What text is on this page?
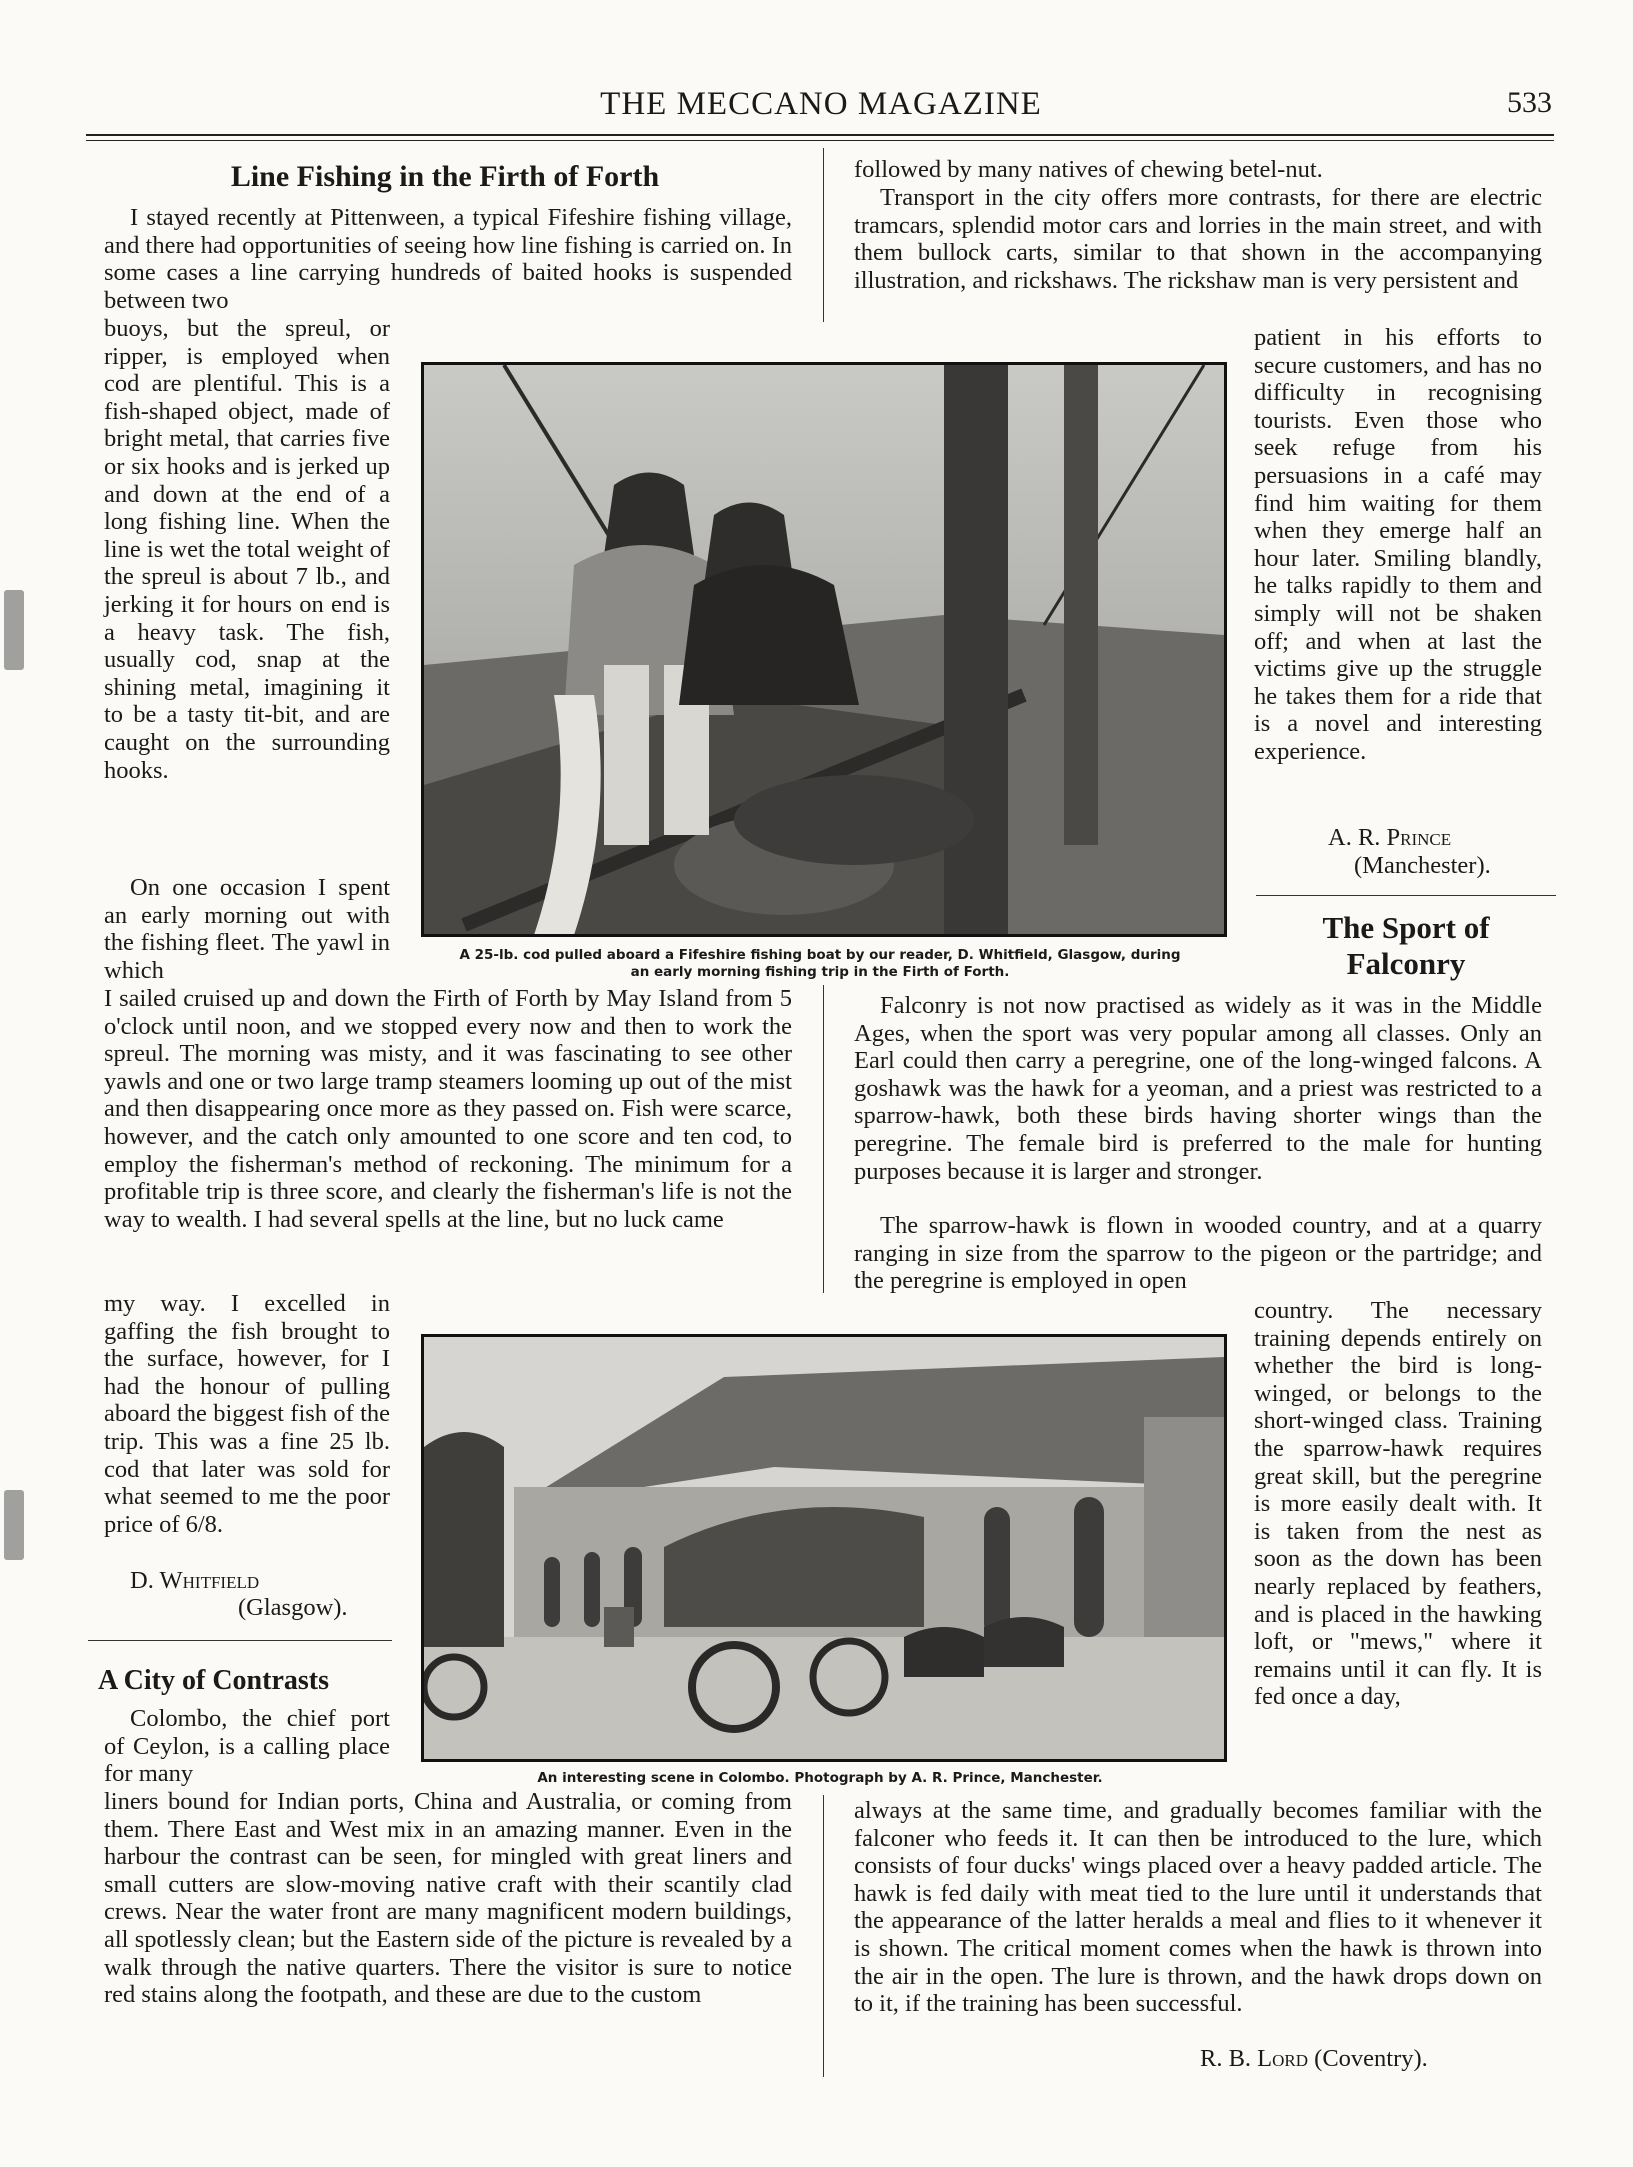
THE MECCANO MAGAZINE	533
Line Fishing in the Firth of Forth

I stayed recently at Pittenween, a typical Fifeshire fishing village, and there had opportunities of seeing how line fishing is carried on. In some cases a line carrying hundreds of baited hooks is suspended between two

buoys, but the spreul, or ripper, is employed when cod are plentiful. This is a fish-shaped object, made of bright metal, that carries five or six hooks and is jerked up and down at the end of a long fishing line. When the line is wet the total weight of the spreul is about 7 lb., and jerking it for hours on end is a heavy task. The fish, usually cod, snap at the shining metal, imagining it to be a tasty tit-bit, and are caught on the surrounding hooks.

On one occasion I spent an early morning out with the fishing fleet. The yawl in which

I sailed cruised up and down the Firth of Forth by May Island from 5 o'clock until noon, and we stopped every now and then to work the spreul. The morning was misty, and it was fascinating to see other yawls and one or two large tramp steamers looming up out of the mist and then disappearing once more as they passed on. Fish were scarce, however, and the catch only amounted to one score and ten cod, to employ the fisherman's method of reckoning. The minimum for a profitable trip is three score, and clearly the fisherman's life is not the way to wealth. I had several spells at the line, but no luck came

my way. I excelled in gaffing the fish brought to the surface, however, for I had the honour of pulling aboard the biggest fish of the trip. This was a fine 25 lb. cod that later was sold for what seemed to me the poor price of 6/8.

D. Whitfield
(Glasgow).
A City of Contrasts

Colombo, the chief port of Ceylon, is a calling place for many

liners bound for Indian ports, China and Australia, or coming from them. There East and West mix in an amazing manner. Even in the harbour the contrast can be seen, for mingled with great liners and small cutters are slow-moving native craft with their scantily clad crews. Near the water front are many magnificent modern buildings, all spotlessly clean; but the Eastern side of the picture is revealed by a walk through the native quarters. There the visitor is sure to notice red stains along the footpath, and these are due to the custom

followed by many natives of chewing betel-nut.

Transport in the city offers more contrasts, for there are electric tramcars, splendid motor cars and lorries in the main street, and with them bullock carts, similar to that shown in the accompanying illustration, and rickshaws. The rickshaw man is very persistent and

patient in his efforts to secure customers, and has no difficulty in recognising tourists. Even those who seek refuge from his persuasions in a café may find him waiting for them when they emerge half an hour later. Smiling blandly, he talks rapidly to them and simply will not be shaken off; and when at last the victims give up the struggle he takes them for a ride that is a novel and interesting experience.

A. R. Prince
(Manchester).
The Sport of
Falconry

Falconry is not now practised as widely as it was in the Middle Ages, when the sport was very popular among all classes. Only an Earl could then carry a peregrine, one of the long-winged falcons. A goshawk was the hawk for a yeoman, and a priest was restricted to a sparrow-hawk, both these birds having shorter wings than the peregrine. The female bird is preferred to the male for hunting purposes because it is larger and stronger.

The sparrow-hawk is flown in wooded country, and at a quarry ranging in size from the sparrow to the pigeon or the partridge; and the peregrine is employed in open

country. The necessary training depends entirely on whether the bird is long-winged, or belongs to the short-winged class. Training the sparrow-hawk requires great skill, but the peregrine is more easily dealt with. It is taken from the nest as soon as the down has been nearly replaced by feathers, and is placed in the hawking loft, or "mews," where it remains until it can fly. It is fed once a day,

always at the same time, and gradually becomes familiar with the falconer who feeds it. It can then be introduced to the lure, which consists of four ducks' wings placed over a heavy padded article. The hawk is fed daily with meat tied to the lure until it understands that the appearance of the latter heralds a meal and flies to it whenever it is shown. The critical moment comes when the hawk is thrown into the air in the open. The lure is thrown, and the hawk drops down on to it, if the training has been successful.

R. B. Lord (Coventry).
A 25-lb. cod pulled aboard a Fifeshire fishing boat by our reader, D. Whitfield, Glasgow, during
an early morning fishing trip in the Firth of Forth.
An interesting scene in Colombo. Photograph by A. R. Prince, Manchester.
